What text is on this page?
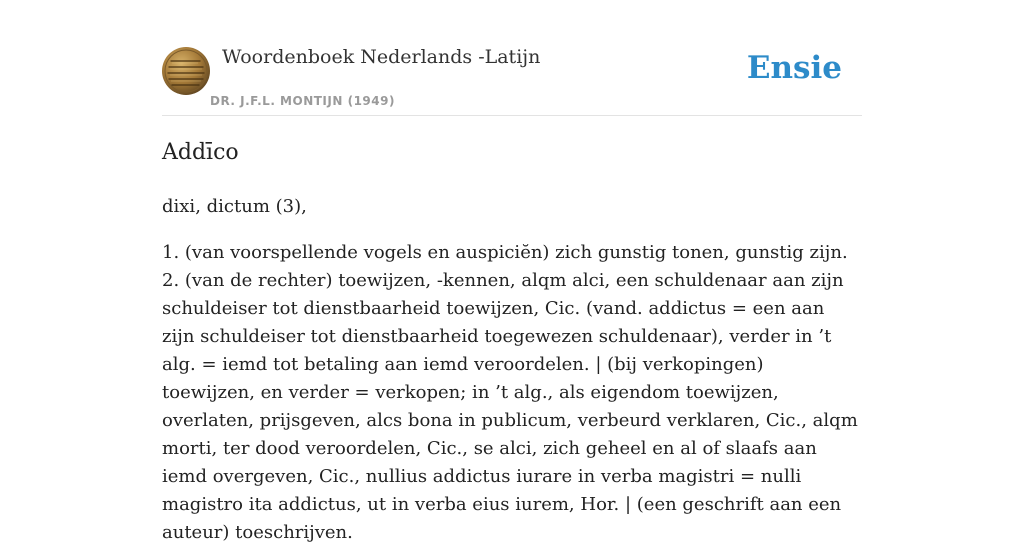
Woordenboek Nederlands -Latijn
DR. J.F.L. MONTIJN (1949)
Ensie
Addīco
dixi, dictum (3),

1. (van voorspellende vogels en auspiciĕn) zich gunstig tonen, gunstig zijn.

2. (van de rechter) toewijzen, -kennen, alqm alci, een schuldenaar aan zijn schuldeiser tot dienstbaarheid toewijzen, Cic. (vand. addictus = een aan zijn schuldeiser tot dienstbaarheid toegewezen schuldenaar), verder in ’t alg. = iemd tot betaling aan iemd veroordelen. | (bij verkopingen) toewijzen, en verder = verkopen; in ’t alg., als eigendom toewijzen, overlaten, prijsgeven, alcs bona in publicum, verbeurd verklaren, Cic., alqm morti, ter dood veroordelen, Cic., se alci, zich geheel en al of slaafs aan iemd overgeven, Cic., nullius addictus iurare in verba magistri = nulli magistro ita addictus, ut in verba eius iurem, Hor. | (een geschrift aan een auteur) toeschrijven.
